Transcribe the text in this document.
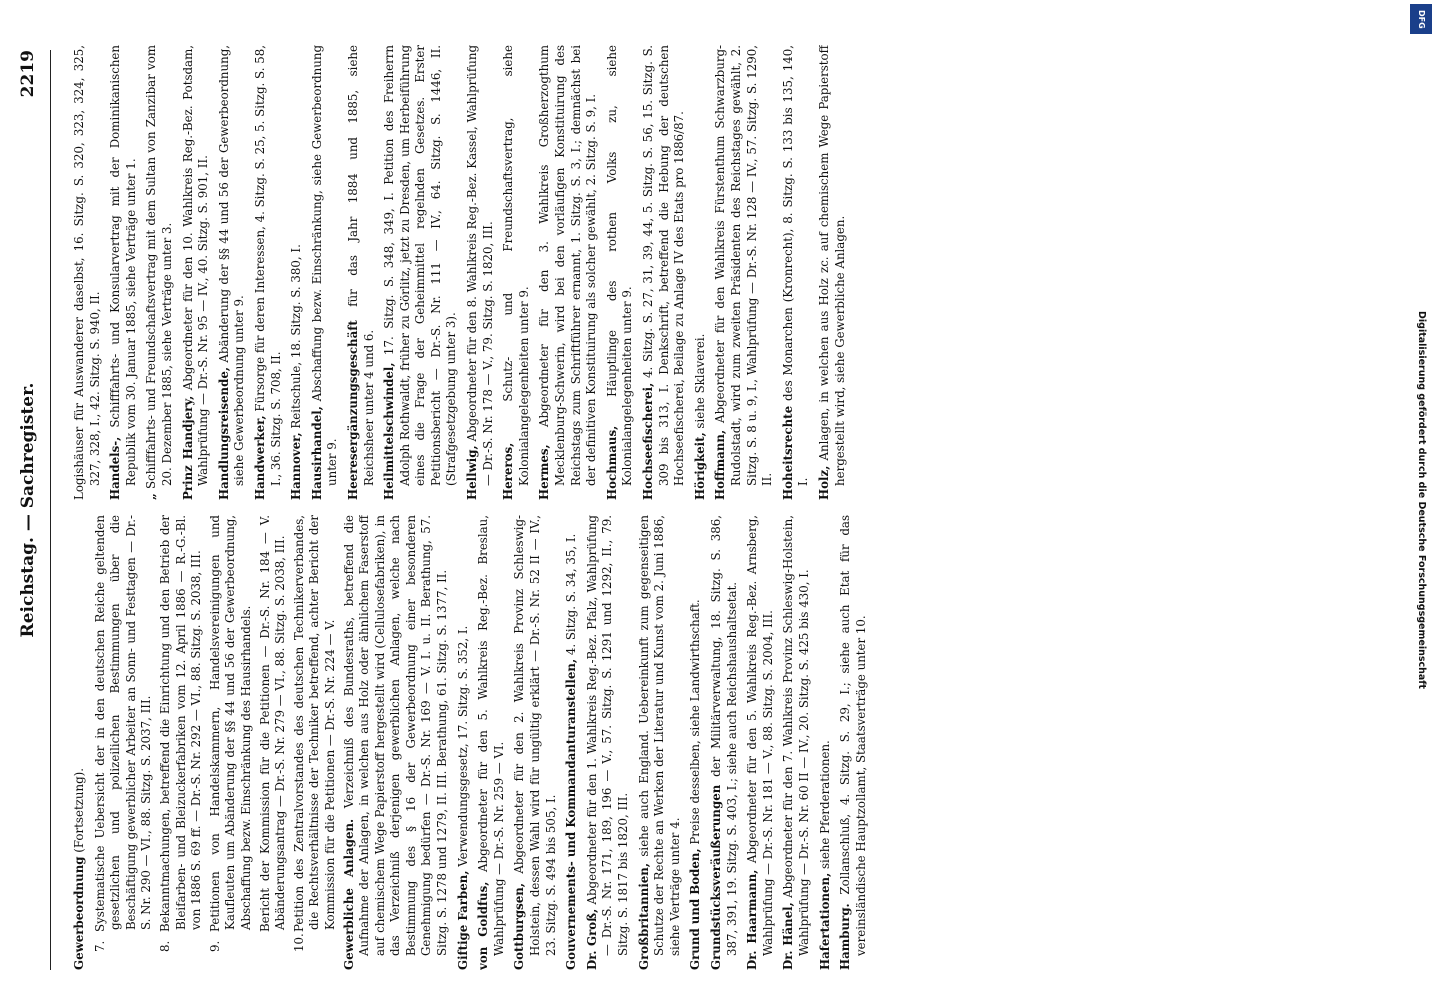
Reichstag. — Sachregister.
2219

Gewerbeordnung (Fortsetzung).

7.Systematische Uebersicht der in den deutschen Reiche geltenden gesetzlichen und polizeilichen Bestimmungen über die Beschäftigung gewerblicher Arbeiter an Sonn- und Festtagen — Dr.-S. Nr. 290 — VI., 88. Sitzg. S. 2037, III.

8.Bekanntmachungen, betreffend die Einrichtung und den Betrieb der Bleifarben- und Bleizuckerfabriken vom 12. April 1886 — R.-G.-Bl. von 1886 S. 69 ff. — Dr.-S. Nr. 292 — VI., 88. Sitzg. S. 2038, III.

9.Petitionen von Handelskammern, Handelsvereinigungen und Kaufleuten um Abänderung der §§ 44 und 56 der Gewerbeordnung, Abschaffung bezw. Einschränkung des Hausirhandels. Bericht der Kommission für die Petitionen — Dr.-S. Nr. 184 — V. Abänderungsantrag — Dr.-S. Nr. 279 — VI., 88. Sitzg. S. 2038, III.

10.Petition des Zentralvorstandes des deutschen Technikerverbandes, die Rechtsverhältnisse der Techniker betreffend, achter Bericht der Kommission für die Petitionen — Dr.-S. Nr. 224 — V. Gewerbliche Anlagen. Verzeichniß des Bundesraths, betreffend die Aufnahme der Anlagen, in welchen aus Holz oder ähnlichem Faserstoff auf chemischem Wege Papierstoff hergestellt wird (Cellulosefabriken), in das Verzeichniß derjenigen gewerblichen Anlagen, welche nach Bestimmung des § 16 der Gewerbeordnung einer besonderen Genehmigung bedürfen — Dr.-S. Nr. 169 — V. I. u. II. Berathung, 57. Sitzg. S. 1278 und 1279, II. III. Berathung, 61. Sitzg. S. 1377, II. Giftige Farben, Verwendungsgesetz, 17. Sitzg. S. 352, I.

von Goldfus, Abgeordneter für den 5. Wahlkreis Reg.-Bez. Breslau, Wahlprüfung — Dr.-S. Nr. 259 — VI. Gottburgsen, Abgeordneter für den 2. Wahlkreis Provinz Schleswig-Holstein, dessen Wahl wird für ungültig erklärt — Dr.-S. Nr. 52 II — IV., 23. Sitzg. S. 494 bis 505, I. Gouvernements- und Kommandanturanstellen, 4. Sitzg. S. 34, 35, I.

Dr. Groß, Abgeordneter für den 1. Wahlkreis Reg.-Bez. Pfalz, Wahlprüfung — Dr.-S. Nr. 171, 189, 196 — V., 57. Sitzg. S. 1291 und 1292, II., 79. Sitzg. S. 1817 bis 1820, III. Großbritannien, siehe auch England. Uebereinkunft zum gegenseitigen Schutze der Rechte an Werken der Literatur und Kunst vom 2. Juni 1886, siehe Verträge unter 4. Grund und Boden, Preise desselben, siehe Landwirthschaft.

Grundstücksveräußerungen der Militärverwaltung, 18. Sitzg. S. 386, 387, 391, 19. Sitzg. S. 403, I.; siehe auch Reichshaushaltsetat. Dr. Haarmann, Abgeordneter für den 5. Wahlkreis Reg.-Bez. Arnsberg, Wahlprüfung — Dr.-S. Nr. 181 — V., 88. Sitzg. S. 2004, III. Dr. Hänel, Abgeordneter für den 7. Wahlkreis Provinz Schleswig-Holstein, Wahlprüfung — Dr.-S. Nr. 60 II — IV., 20. Sitzg. S. 425 bis 430, I. Hafertationen, siehe Pferderationen.

Hamburg. Zollanschluß, 4. Sitzg. S. 29, I.; siehe auch Etat für das vereinsländische Hauptzollamt, Staatsverträge unter 10.

Logishäuser für Auswanderer daselbst, 16. Sitzg. S. 320, 323, 324, 325, 327, 328, I., 42. Sitzg. S. 940, II. Handels-, Schifffahrts- und Konsularvertrag mit der Dominikanischen Republik vom 30. Januar 1885, siehe Verträge unter 1.

„ Schifffahrts- und Freundschaftsvertrag mit dem Sultan von Zanzibar vom 20. Dezember 1885, siehe Verträge unter 3. Prinz Handjery, Abgeordneter für den 10. Wahlkreis Reg.-Bez. Potsdam, Wahlprüfung — Dr.-S. Nr. 95 — IV., 40. Sitzg. S. 901, II. Handlungsreisende, Abänderung der §§ 44 und 56 der Gewerbeordnung, siehe Gewerbeordnung unter 9. Handwerker, Fürsorge für deren Interessen, 4. Sitzg. S. 25, 5. Sitzg. S. 58, I., 36. Sitzg. S. 708, II. Hannover, Reitschule, 18. Sitzg. S. 380, I.

Hausirhandel, Abschaffung bezw. Einschränkung, siehe Gewerbeordnung unter 9. Heeresergänzungsgeschäft für das Jahr 1884 und 1885, siehe Reichsheer unter 4 und 6. Heilmittelschwindel, 17. Sitzg. S. 348, 349, I. Petition des Freiherrn Adolph Rothwaldt, früher zu Görlitz, jetzt zu Dresden, um Herbeiführung eines die Frage der Geheimmittel regelnden Gesetzes. Erster Petitionsbericht — Dr.-S. Nr. 111 — IV., 64. Sitzg. S. 1446, II. (Strafgesetzgebung unter 3). Hellwig, Abgeordneter für den 8. Wahlkreis Reg.-Bez. Kassel, Wahlprüfung — Dr.-S. Nr. 178 — V., 79. Sitzg. S. 1820, III. Hereros, Schutz- und Freundschaftsvertrag, siehe Kolonialangelegenheiten unter 9. Hermes, Abgeordneter für den 3. Wahlkreis Großherzogthum Mecklenburg-Schwerin, wird bei den vorläufigen Konstituirung des Reichstags zum Schriftführer ernannt, 1. Sitzg. S. 3, I.; demnächst bei der definitiven Konstituirung als solcher gewählt, 2. Sitzg. S. 9, I. Hochmaus, Häuptlinge des rothen Volks zu, siehe Kolonialangelegenheiten unter 9. Hochseefischerei, 4. Sitzg. S. 27, 31, 39, 44, 5. Sitzg. S. 56, 15. Sitzg. S. 309 bis 313, I. Denkschrift, betreffend die Hebung der deutschen Hochseefischerei, Beilage zu Anlage IV des Etats pro 1886/87. Hörigkeit, siehe Sklaverei.

Hoffmann, Abgeordneter für den Wahlkreis Fürstenthum Schwarzburg-Rudolstadt, wird zum zweiten Präsidenten des Reichstages gewählt, 2. Sitzg. S. 8 u. 9, I., Wahlprüfung — Dr.-S. Nr. 128 — IV., 57. Sitzg. S. 1290, II. Hoheitsrechte des Monarchen (Kronrecht), 8. Sitzg. S. 133 bis 135, 140, I. Holz, Anlagen, in welchen aus Holz zc. auf chemischem Wege Papierstoff hergestellt wird, siehe Gewerbliche Anlagen.	Digitalisierung gefördert durch die Deutsche Forschungsgemeinschaft
DFG
